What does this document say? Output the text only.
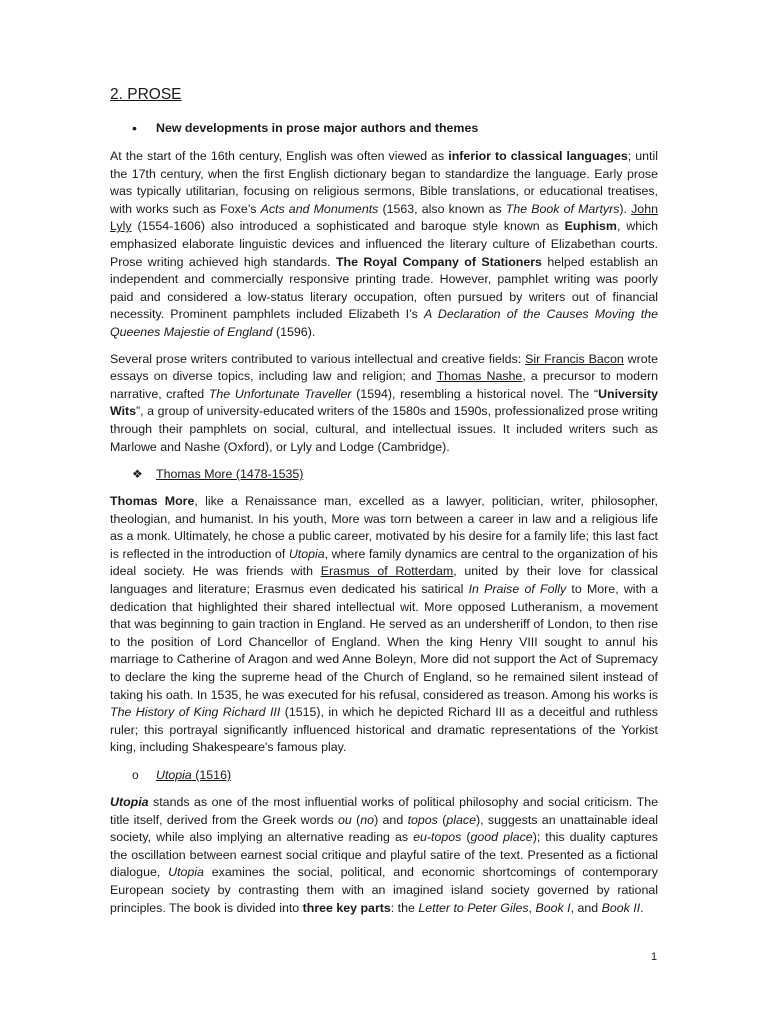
2. PROSE
•
New developments in prose major authors and themes

At the start of the 16th century, English was often viewed as inferior to classical languages; until the 17th century, when the first English dictionary began to standardize the language. Early prose was typically utilitarian, focusing on religious sermons, Bible translations, or educational treatises, with works such as Foxe’s Acts and Monuments (1563, also known as The Book of Martyrs). John Lyly (1554-1606) also introduced a sophisticated and baroque style known as Euphism, which emphasized elaborate linguistic devices and influenced the literary culture of Elizabethan courts. Prose writing achieved high standards. The Royal Company of Stationers helped establish an independent and commercially responsive printing trade. However, pamphlet writing was poorly paid and considered a low-status literary occupation, often pursued by writers out of financial necessity. Prominent pamphlets included Elizabeth I’s A Declaration of the Causes Moving the Queenes Majestie of England (1596).

Several prose writers contributed to various intellectual and creative fields: Sir Francis Bacon wrote essays on diverse topics, including law and religion; and Thomas Nashe, a precursor to modern narrative, crafted The Unfortunate Traveller (1594), resembling a historical novel. The “University Wits”, a group of university-educated writers of the 1580s and 1590s, professionalized prose writing through their pamphlets on social, cultural, and intellectual issues. It included writers such as Marlowe and Nashe (Oxford), or Lyly and Lodge (Cambridge).

❖	Thomas More (1478-1535)

Thomas More, like a Renaissance man, excelled as a lawyer, politician, writer, philosopher, theologian, and humanist. In his youth, More was torn between a career in law and a religious life as a monk. Ultimately, he chose a public career, motivated by his desire for a family life; this last fact is reflected in the introduction of Utopia, where family dynamics are central to the organization of his ideal society. He was friends with Erasmus of Rotterdam, united by their love for classical languages and literature; Erasmus even dedicated his satirical In Praise of Folly to More, with a dedication that highlighted their shared intellectual wit. More opposed Lutheranism, a movement that was beginning to gain traction in England. He served as an undersheriff of London, to then rise to the position of Lord Chancellor of England. When the king Henry VIII sought to annul his marriage to Catherine of Aragon and wed Anne Boleyn, More did not support the Act of Supremacy to declare the king the supreme head of the Church of England, so he remained silent instead of taking his oath. In 1535, he was executed for his refusal, considered as treason. Among his works is The History of King Richard III (1515), in which he depicted Richard III as a deceitful and ruthless ruler; this portrayal significantly influenced historical and dramatic representations of the Yorkist king, including Shakespeare's famous play.

o	Utopia (1516)

Utopia stands as one of the most influential works of political philosophy and social criticism. The title itself, derived from the Greek words ou (no) and topos (place), suggests an unattainable ideal society, while also implying an alternative reading as eu-topos (good place); this duality captures the oscillation between earnest social critique and playful satire of the text. Presented as a fictional dialogue, Utopia examines the social, political, and economic shortcomings of contemporary European society by contrasting them with an imagined island society governed by rational principles. The book is divided into three key parts: the Letter to Peter Giles, Book I, and Book II.

1
